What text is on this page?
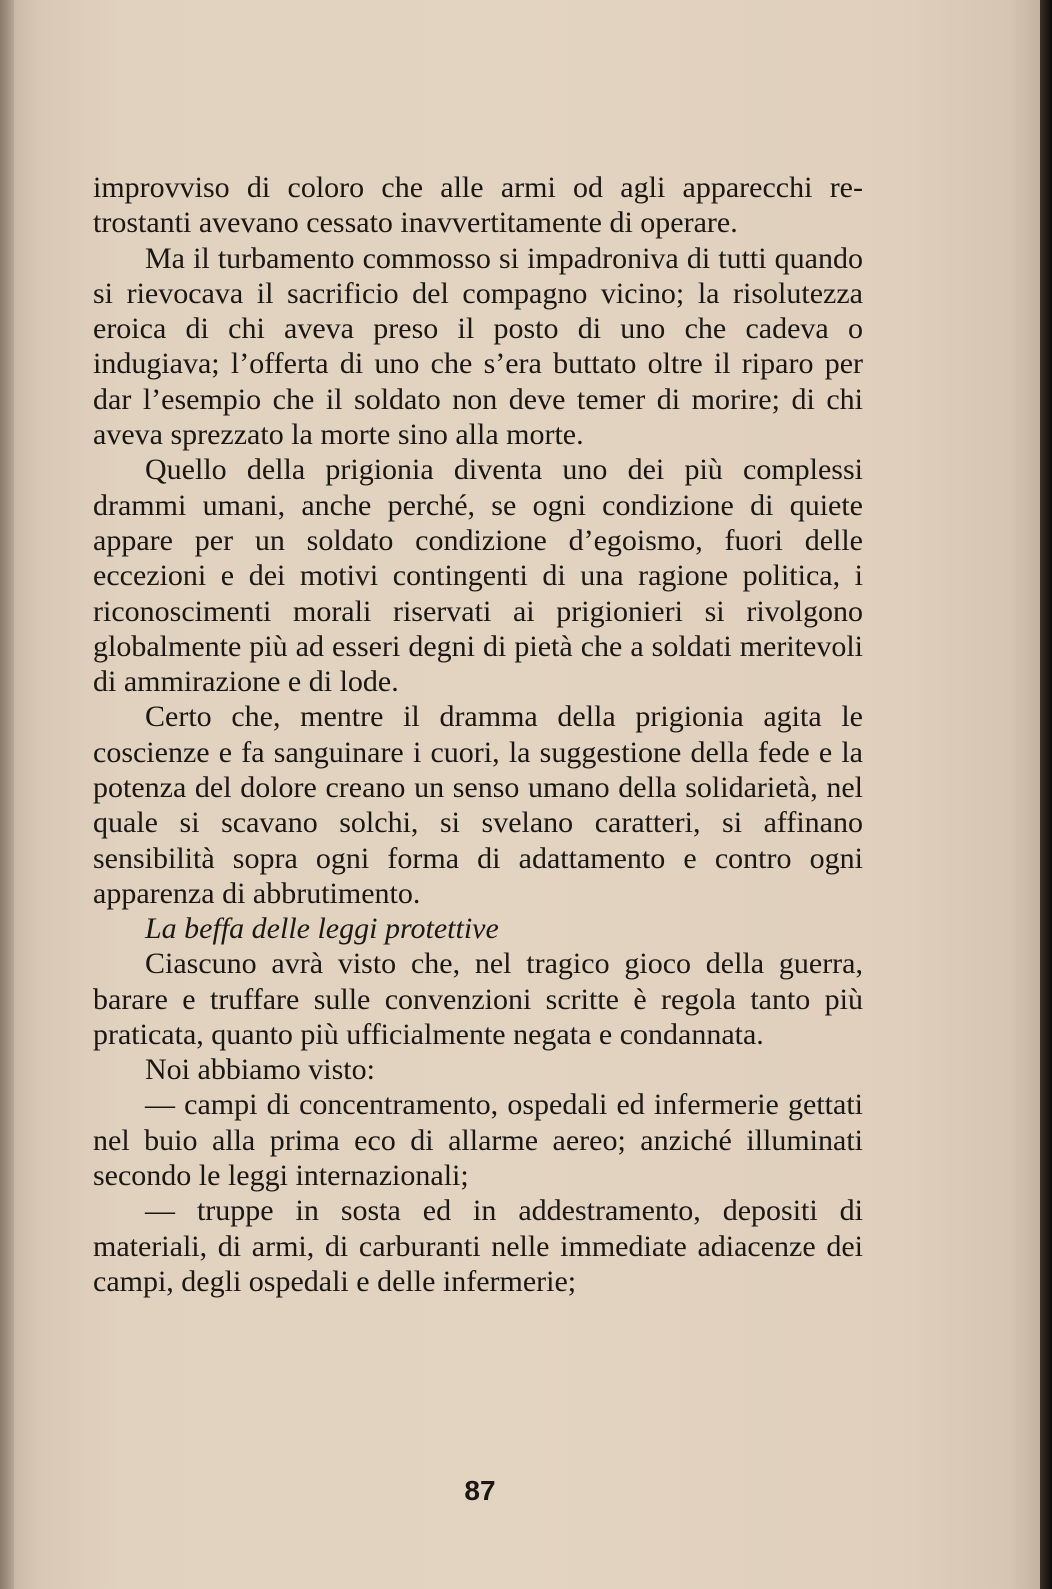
improvviso di coloro che alle armi od agli apparecchi retrostanti avevano cessato inavvertitamente di operare.

Ma il turbamento commosso si impadroniva di tutti quando si rievocava il sacrificio del compagno vicino; la risolutezza eroica di chi aveva preso il posto di uno che cadeva o indugiava; l’offerta di uno che s’era buttato oltre il riparo per dar l’esempio che il soldato non deve temer di morire; di chi aveva sprezzato la morte sino alla morte.

Quello della prigionia diventa uno dei più complessi drammi umani, anche perché, se ogni condizione di quiete appare per un soldato condizione d’egoismo, fuori delle eccezioni e dei motivi contingenti di una ragione politica, i riconoscimenti morali riservati ai prigionieri si rivolgono globalmente più ad esseri degni di pietà che a soldati meritevoli di ammirazione e di lode.

Certo che, mentre il dramma della prigionia agita le coscienze e fa sanguinare i cuori, la suggestione della fede e la potenza del dolore creano un senso umano della solidarietà, nel quale si scavano solchi, si svelano caratteri, si affinano sensibilità sopra ogni forma di adattamento e contro ogni apparenza di abbrutimento.

La beffa delle leggi protettive

Ciascuno avrà visto che, nel tragico gioco della guerra, barare e truffare sulle convenzioni scritte è regola tanto più praticata, quanto più ufficialmente negata e condannata.

Noi abbiamo visto:

— campi di concentramento, ospedali ed infermerie gettati nel buio alla prima eco di allarme aereo; anziché illuminati secondo le leggi internazionali;

— truppe in sosta ed in addestramento, depositi di materiali, di armi, di carburanti nelle immediate adiacenze dei campi, degli ospedali e delle infermerie;

87
